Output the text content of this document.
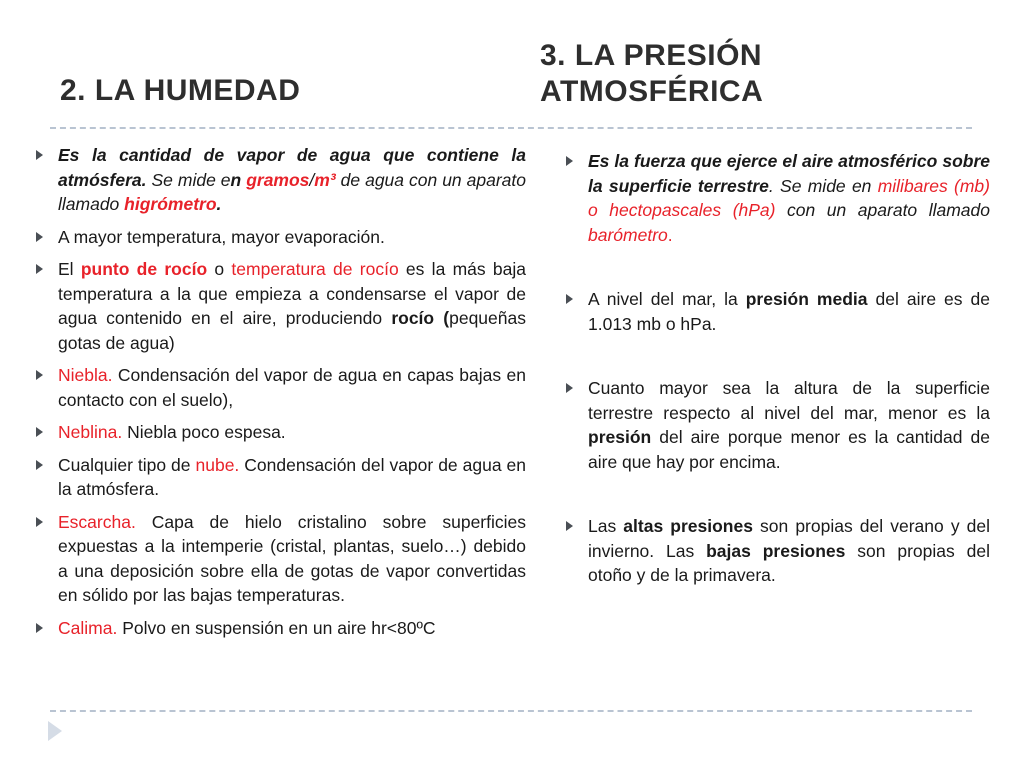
2. LA HUMEDAD
3. LA PRESIÓN
ATMOSFÉRICA
Es la cantidad de vapor de agua que contiene la atmósfera. Se mide en gramos/m³ de agua con un aparato llamado higrómetro.
A mayor temperatura, mayor evaporación.
El punto de rocío o temperatura de rocío es la más baja temperatura a la que empieza a condensarse el vapor de agua contenido en el aire, produciendo rocío (pequeñas gotas de agua)
Niebla. Condensación del vapor de agua en capas bajas en contacto con el suelo),
Neblina. Niebla poco espesa.
Cualquier tipo de nube. Condensación del vapor de agua en la atmósfera.
Escarcha. Capa de hielo cristalino sobre superficies expuestas a la intemperie (cristal, plantas, suelo…) debido a una deposición sobre ella de gotas de vapor convertidas en sólido por las bajas temperaturas.
Calima. Polvo en suspensión en un aire hr<80ºC
Es la fuerza que ejerce el aire atmosférico sobre la superficie terrestre. Se mide en milibares (mb) o hectopascales (hPa) con un aparato llamado barómetro.
A nivel del mar, la presión media del aire es de 1.013 mb o hPa.
Cuanto mayor sea la altura de la superficie terrestre respecto al nivel del mar, menor es la presión del aire porque menor es la cantidad de aire que hay por encima.
Las altas presiones son propias del verano y del invierno. Las bajas presiones son propias del otoño y de la primavera.
